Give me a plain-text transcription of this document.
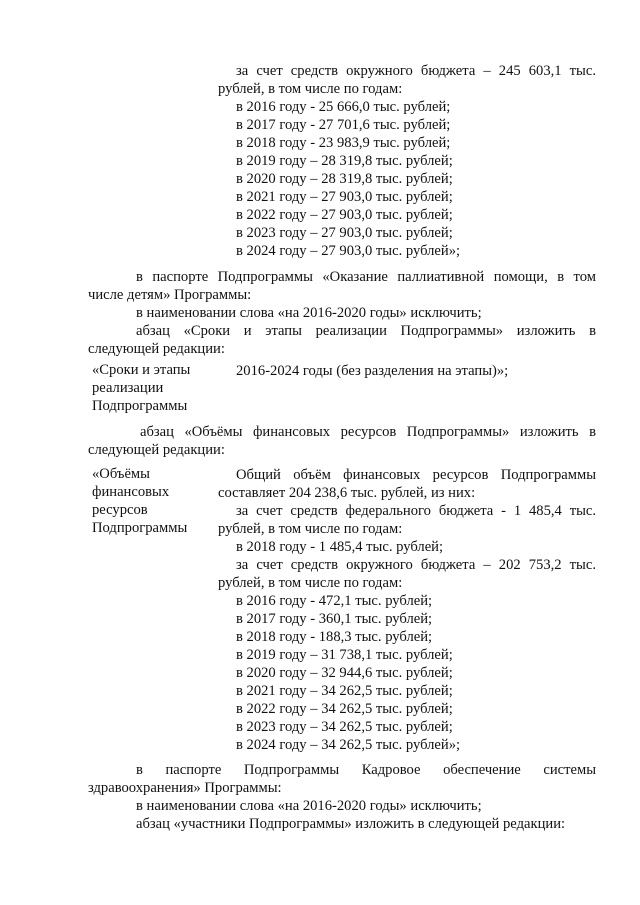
за счет средств окружного бюджета – 245 603,1 тыс.
рублей, в том числе по годам:
в 2016 году - 25 666,0 тыс. рублей;
в 2017 году - 27 701,6 тыс. рублей;
в 2018 году - 23 983,9 тыс. рублей;
в 2019 году – 28 319,8 тыс. рублей;
в 2020 году – 28 319,8 тыс. рублей;
в 2021 году – 27 903,0 тыс. рублей;
в 2022 году – 27 903,0 тыс. рублей;
в 2023 году – 27 903,0 тыс. рублей;
в 2024 году – 27 903,0 тыс. рублей»;
в паспорте Подпрограммы «Оказание паллиативной помощи, в том
числе детям» Программы:
в наименовании слова «на 2016-2020 годы» исключить;
абзац «Сроки и этапы реализации Подпрограммы» изложить в
следующей редакции:
«Сроки и этапы
реализации
Подпрограммы
2016-2024 годы (без разделения на этапы)»;
абзац «Объёмы финансовых ресурсов Подпрограммы» изложить в
следующей редакции:
«Объёмы
финансовых
ресурсов
Подпрограммы
Общий объём финансовых ресурсов Подпрограммы
составляет 204 238,6 тыс. рублей, из них:
за счет средств федерального бюджета - 1 485,4 тыс.
рублей, в том числе по годам:
в 2018 году - 1 485,4 тыс. рублей;
за счет средств окружного бюджета – 202 753,2 тыс.
рублей, в том числе по годам:
в 2016 году - 472,1 тыс. рублей;
в 2017 году - 360,1 тыс. рублей;
в 2018 году - 188,3 тыс. рублей;
в 2019 году – 31 738,1 тыс. рублей;
в 2020 году – 32 944,6 тыс. рублей;
в 2021 году – 34 262,5 тыс. рублей;
в 2022 году – 34 262,5 тыс. рублей;
в 2023 году – 34 262,5 тыс. рублей;
в 2024 году – 34 262,5 тыс. рублей»;
в паспорте Подпрограммы Кадровое обеспечение системы
здравоохранения» Программы:
в наименовании слова «на 2016-2020 годы» исключить;
абзац «участники Подпрограммы» изложить в следующей редакции:
